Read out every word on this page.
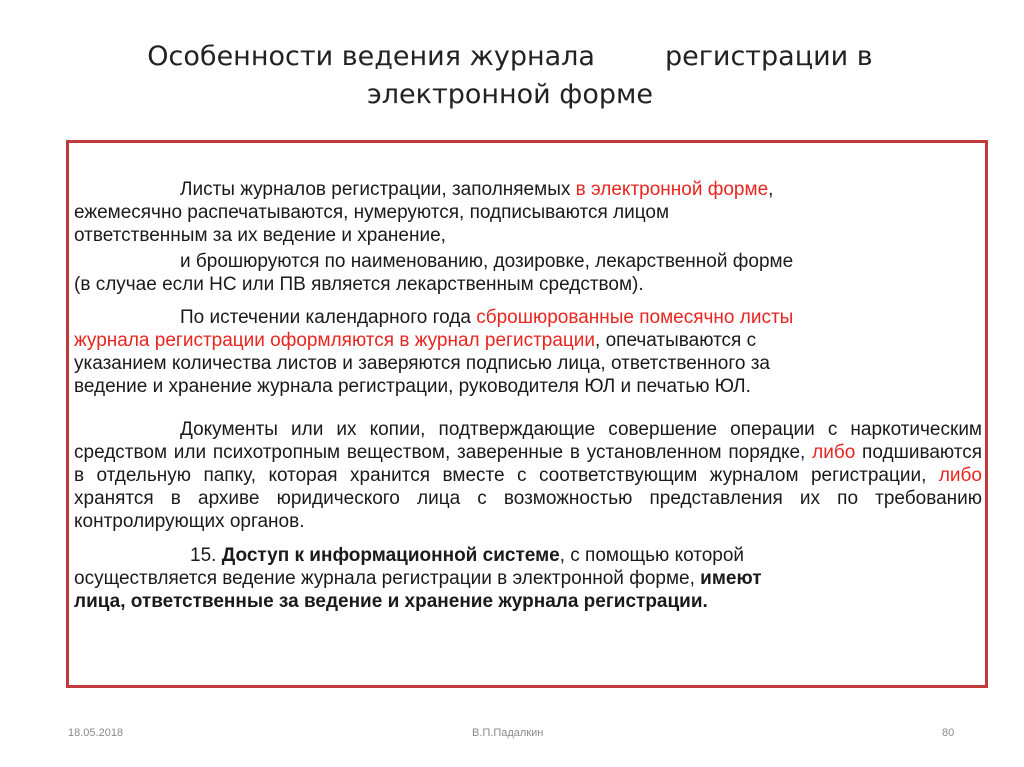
Особенности ведения журнала	регистрации в
электронной форме

Листы журналов регистрации, заполняемых в электронной форме,
ежемесячно распечатываются, нумеруются, подписываются лицом
ответственным за их ведение и хранение,

и брошюруются по наименованию, дозировке, лекарственной форме
(в случае если НС или ПВ является лекарственным средством).

По истечении календарного года сброшюрованные помесячно листы
журнала регистрации оформляются в журнал регистрации, опечатываются с
указанием количества листов и заверяются подписью лица, ответственного за
ведение и хранение журнала регистрации, руководителя ЮЛ и печатью ЮЛ.

Документы или их копии, подтверждающие совершение операции с наркотическим средством или психотропным веществом, заверенные в установленном порядке, либо подшиваются в отдельную папку, которая хранится вместе с соответствующим журналом регистрации, либо хранятся в архиве юридического лица с возможностью представления их по требованию контролирующих органов.

15. Доступ к информационной системе, с помощью которой
осуществляется ведение журнала регистрации в электронной форме, имеют
лица, ответственные за ведение и хранение журнала регистрации.

18.05.2018	В.П.Падалкин	80
